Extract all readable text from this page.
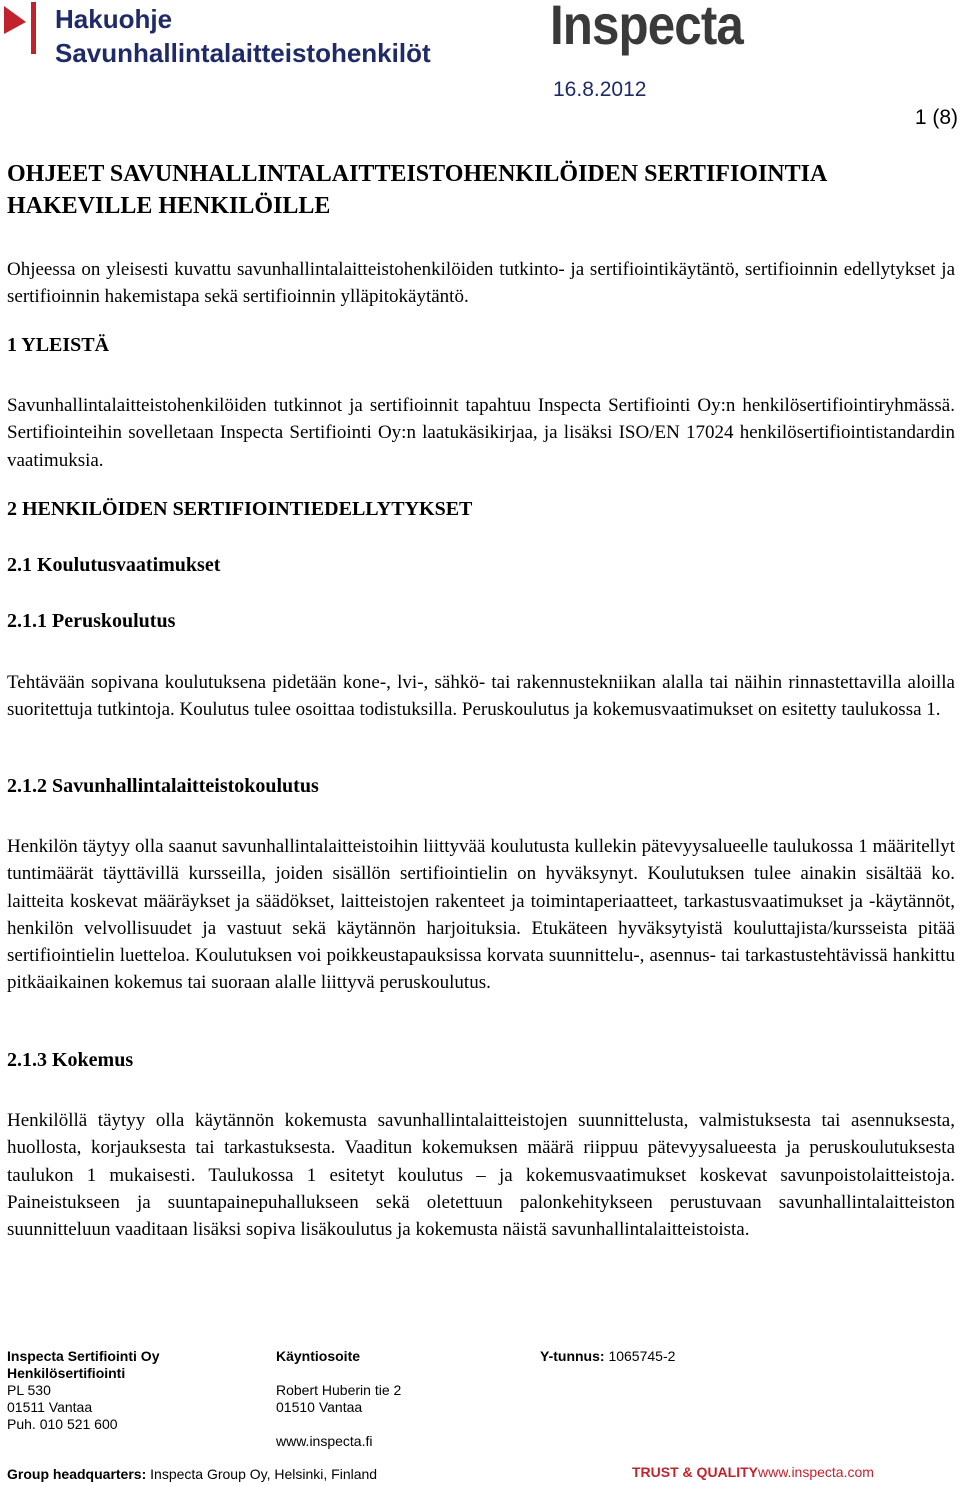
Hakuohje
Savunhallintalaitteistohenkilöt Inspecta
16.8.2012
1 (8)
OHJEET SAVUNHALLINTALAITTEISTOHENKILÖIDEN SERTIFIOINTIA HAKEVILLE HENKILÖILLE
Ohjeessa on yleisesti kuvattu savunhallintalaitteistohenkilöiden tutkinto- ja sertifiointikäytäntö, sertifioinnin edellytykset ja sertifioinnin hakemistapa sekä sertifioinnin ylläpitokäytäntö.
1 YLEISTÄ
Savunhallintalaitteistohenkilöiden tutkinnot ja sertifioinnit tapahtuu Inspecta Sertifiointi Oy:n henkilösertifiointiryhmässä. Sertifiointeihin sovelletaan Inspecta Sertifiointi Oy:n laatukäsikirjaa, ja lisäksi ISO/EN 17024 henkilösertifiointistandardin vaatimuksia.
2 HENKILÖIDEN SERTIFIOINTIEDELLYTYKSET
2.1 Koulutusvaatimukset
2.1.1 Peruskoulutus
Tehtävään sopivana koulutuksena pidetään kone-, lvi-, sähkö- tai rakennustekniikan alalla tai näihin rinnastettavilla aloilla suoritettuja tutkintoja. Koulutus tulee osoittaa todistuksilla. Peruskoulutus ja kokemusvaatimukset on esitetty taulukossa 1.
2.1.2 Savunhallintalaitteistokoulutus
Henkilön täytyy olla saanut savunhallintalaitteistoihin liittyvää koulutusta kullekin pätevyysalueelle taulukossa 1 määritellyt tuntimäärät täyttävillä kursseilla, joiden sisällön sertifiointielin on hyväksynyt. Koulutuksen tulee ainakin sisältää ko. laitteita koskevat määräykset ja säädökset, laitteistojen rakenteet ja toimintaperiaatteet, tarkastusvaatimukset ja -käytännöt, henkilön velvollisuudet ja vastuut sekä käytännön harjoituksia. Etukäteen hyväksytyistä kouluttajista/kursseista pitää sertifiointielin luetteloa. Koulutuksen voi poikkeustapauksissa korvata suunnittelu-, asennus- tai tarkastustehtävissä hankittu pitkäaikainen kokemus tai suoraan alalle liittyvä peruskoulutus.
2.1.3 Kokemus
Henkilöllä täytyy olla käytännön kokemusta savunhallintalaitteistojen suunnittelusta, valmistuksesta tai asennuksesta, huollosta, korjauksesta tai tarkastuksesta. Vaaditun kokemuksen määrä riippuu pätevyysalueesta ja peruskoulutuksesta taulukon 1 mukaisesti. Taulukossa 1 esitetyt koulutus – ja kokemusvaatimukset koskevat savunpoistolaitteistoja. Paineistukseen ja suuntapainepuhallukseen sekä oletettuun palonkehitykseen perustuvaan savunhallintalaitteiston suunnitteluun vaaditaan lisäksi sopiva lisäkoulutus ja kokemusta näistä savunhallintalaitteistoista.
Inspecta Sertifiointi Oy
Henkilösertifiointi
PL 530
01511 Vantaa
Puh. 010 521 600
Käyntiosoite
Robert Huberin tie 2
01510 Vantaa
www.inspecta.fi
Y-tunnus: 1065745-2
Group headquarters: Inspecta Group Oy, Helsinki, Finland	TRUST & QUALITY www.inspecta.com
